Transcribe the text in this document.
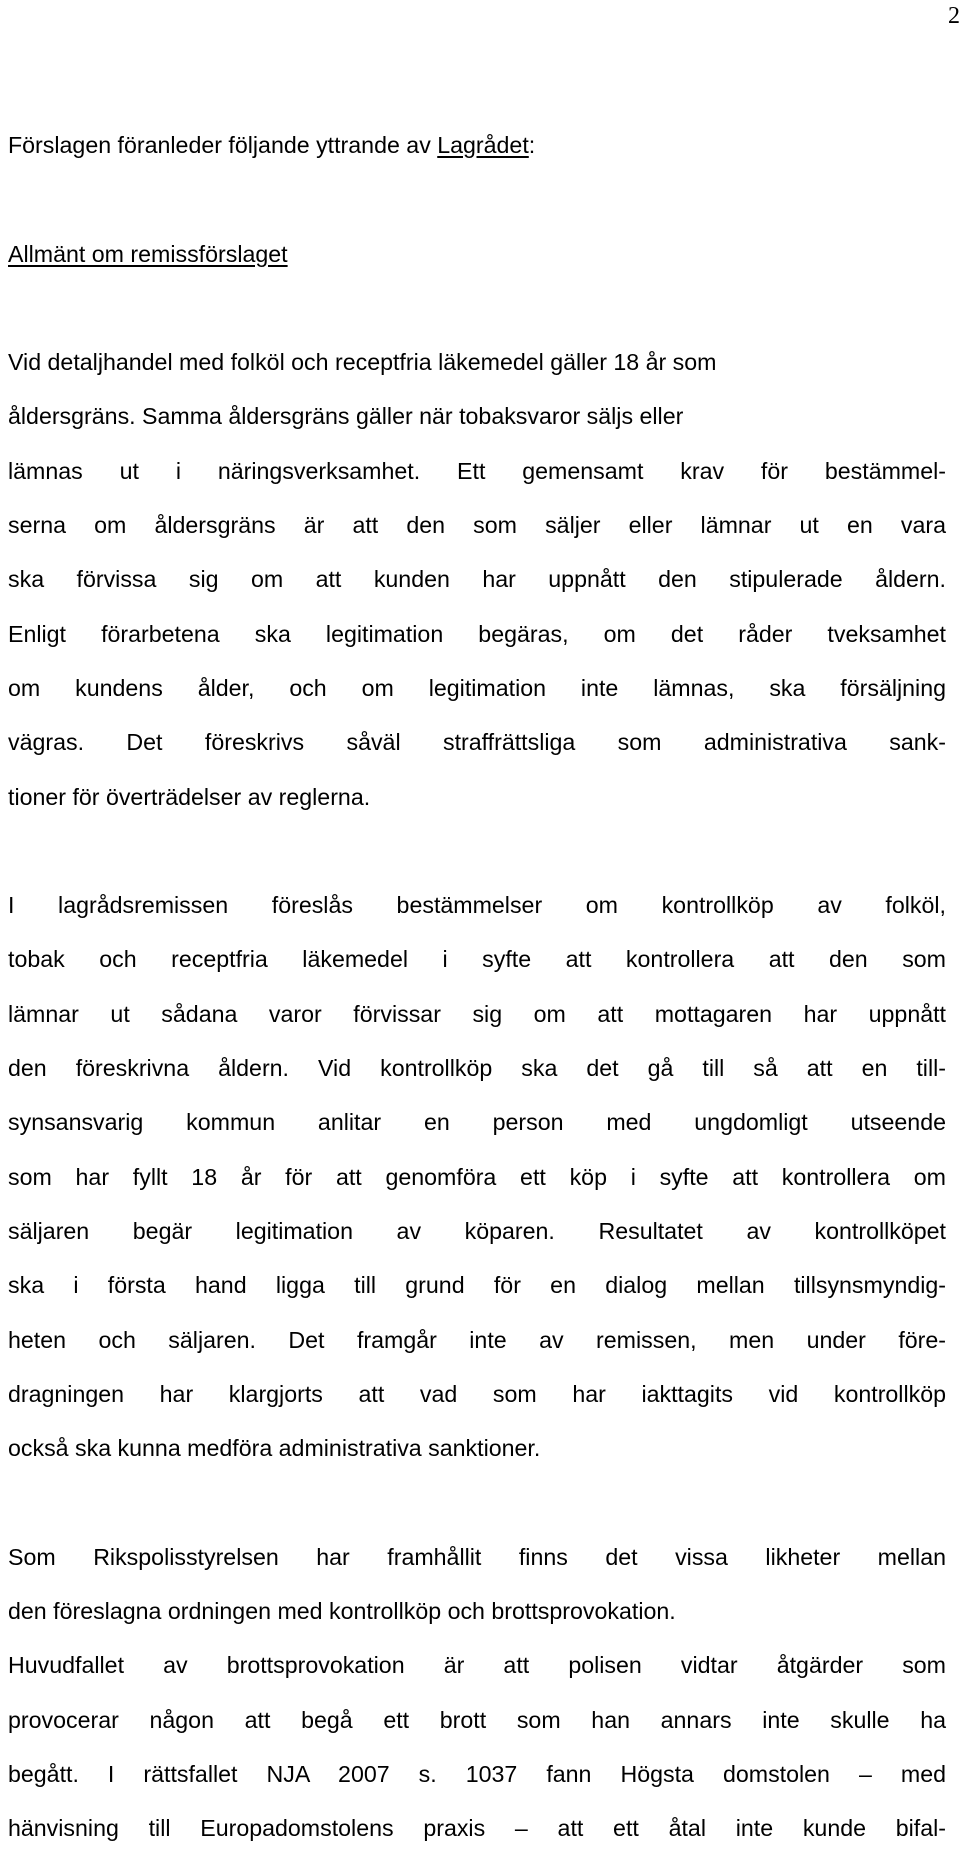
2
Förslagen föranleder följande yttrande av Lagrådet:
Allmänt om remissförslaget
Vid detaljhandel med folköl och receptfria läkemedel gäller 18 år som
åldersgräns. Samma åldersgräns gäller när tobaksvaror säljs eller
lämnas ut i näringsverksamhet. Ett gemensamt krav för bestämmel-
serna om åldersgräns är att den som säljer eller lämnar ut en vara
ska förvissa sig om att kunden har uppnått den stipulerade åldern.
Enligt förarbetena ska legitimation begäras, om det råder tveksamhet
om kundens ålder, och om legitimation inte lämnas, ska försäljning
vägras. Det föreskrivs såväl straffrättsliga som administrativa sank-
tioner för överträdelser av reglerna.
I lagrådsremissen föreslås bestämmelser om kontrollköp av folköl,
tobak och receptfria läkemedel i syfte att kontrollera att den som
lämnar ut sådana varor förvissar sig om att mottagaren har uppnått
den föreskrivna åldern. Vid kontrollköp ska det gå till så att en till-
synsansvarig kommun anlitar en person med ungdomligt utseende
som har fyllt 18 år för att genomföra ett köp i syfte att kontrollera om
säljaren begär legitimation av köparen. Resultatet av kontrollköpet
ska i första hand ligga till grund för en dialog mellan tillsynsmyndig-
heten och säljaren. Det framgår inte av remissen, men under före-
dragningen har klargjorts att vad som har iakttagits vid kontrollköp
också ska kunna medföra administrativa sanktioner.
Som Rikspolisstyrelsen har framhållit finns det vissa likheter mellan
den föreslagna ordningen med kontrollköp och brottsprovokation.
Huvudfallet av brottsprovokation är att polisen vidtar åtgärder som
provocerar någon att begå ett brott som han annars inte skulle ha
begått. I rättsfallet NJA 2007 s. 1037 fann Högsta domstolen – med
hänvisning till Europadomstolens praxis – att ett åtal inte kunde bifal-
